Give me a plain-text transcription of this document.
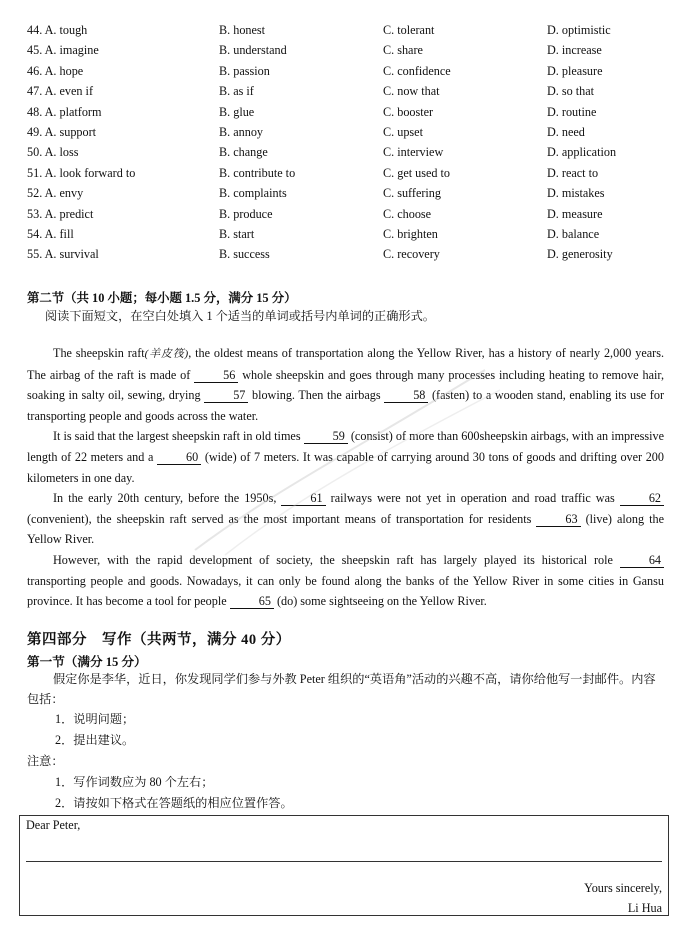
44. A. tough	B. honest	C. tolerant	D. optimistic
45. A. imagine	B. understand	C. share	D. increase
46. A. hope	B. passion	C. confidence	D. pleasure
47. A. even if	B. as if	C. now that	D. so that
48. A. platform	B. glue	C. booster	D. routine
49. A. support	B. annoy	C. upset	D. need
50. A. loss	B. change	C. interview	D. application
51. A. look forward to	B. contribute to	C. get used to	D. react to
52. A. envy	B. complaints	C. suffering	D. mistakes
53. A. predict	B. produce	C. choose	D. measure
54. A. fill	B. start	C. brighten	D. balance
55. A. survival	B. success	C. recovery	D. generosity
第二节（共 10 小题；每小题 1.5 分，满分 15 分）
阅读下面短文，在空白处填入 1 个适当的单词或括号内单词的正确形式。

The sheepskin raft(羊皮筏), the oldest means of transportation along the Yellow River, has a history of nearly 2,000 years. The airbag of the raft is made of 56 whole sheepskin and goes through many processes including heating to remove hair, soaking in salty oil, sewing, drying 57 blowing. Then the airbags 58 (fasten) to a wooden stand, enabling its use for transporting people and goods across the water.

It is said that the largest sheepskin raft in old times 59 (consist) of more than 600sheepskin airbags, with an impressive length of 22 meters and a 60 (wide) of 7 meters. It was capable of carrying around 30 tons of goods and drifting over 200 kilometers in one day.

In the early 20th century, before the 1950s, 61 railways were not yet in operation and road traffic was 62 (convenient), the sheepskin raft served as the most important means of transportation for residents 63 (live) along the Yellow River.

However, with the rapid development of society, the sheepskin raft has largely played its historical role 64 transporting people and goods. Nowadays, it can only be found along the banks of the Yellow River in some cities in Gansu province. It has become a tool for people 65 (do) some sightseeing on the Yellow River.

第四部分　写作（共两节，满分 40 分）
第一节（满分 15 分）
假定你是李华，近日，你发现同学们参与外教 Peter 组织的“英语角”活动的兴趣不高，请你给他写一封邮件。内容包括：
1．说明问题；
2．提出建议。
注意：
1．写作词数应为 80 个左右；
2．请按如下格式在答题纸的相应位置作答。
Dear Peter,
Yours sincerely,
Li Hua
